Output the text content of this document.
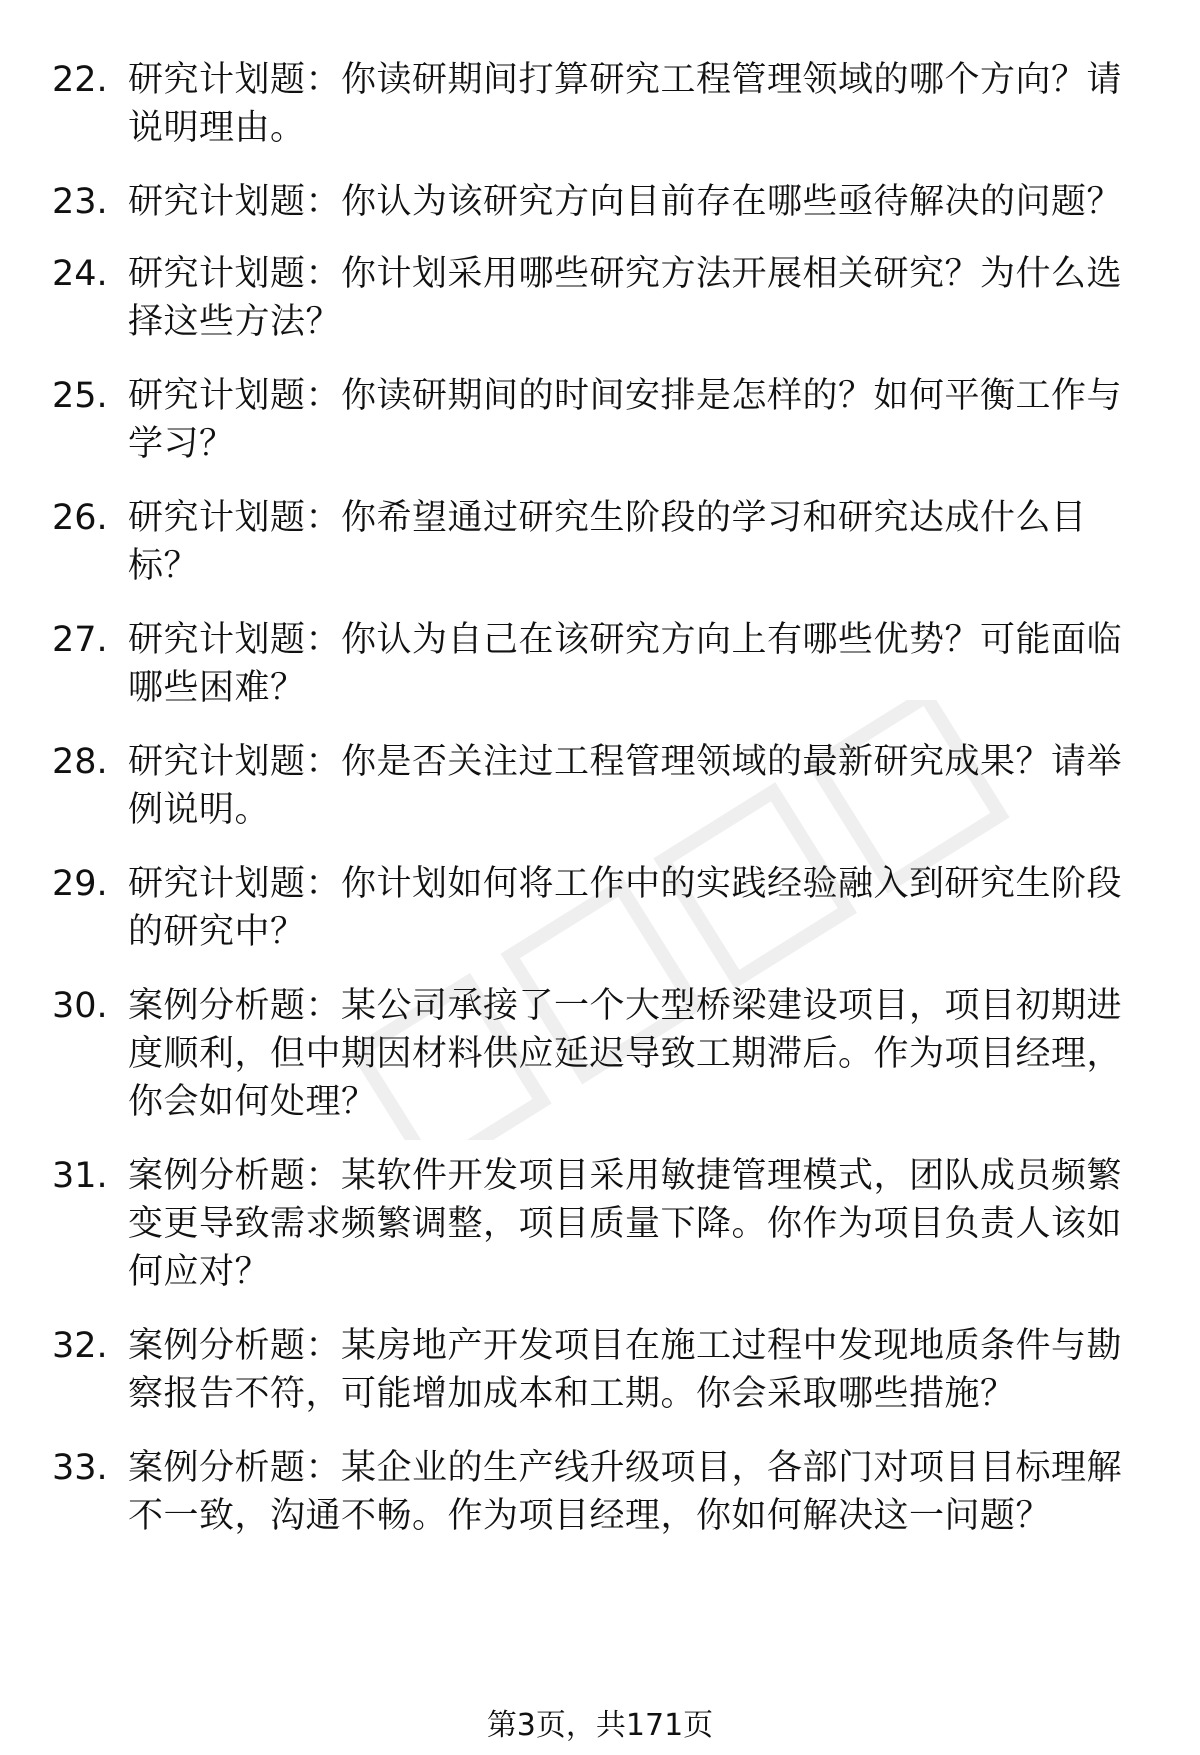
22. 研究计划题：你读研期间打算研究工程管理领域的哪个方向？请说明理由。
23. 研究计划题：你认为该研究方向目前存在哪些亟待解决的问题？
24. 研究计划题：你计划采用哪些研究方法开展相关研究？为什么选择这些方法？
25. 研究计划题：你读研期间的时间安排是怎样的？如何平衡工作与学习？
26. 研究计划题：你希望通过研究生阶段的学习和研究达成什么目标？
27. 研究计划题：你认为自己在该研究方向上有哪些优势？可能面临哪些困难？
28. 研究计划题：你是否关注过工程管理领域的最新研究成果？请举例说明。
29. 研究计划题：你计划如何将工作中的实践经验融入到研究生阶段的研究中？
30. 案例分析题：某公司承接了一个大型桥梁建设项目，项目初期进度顺利，但中期因材料供应延迟导致工期滞后。作为项目经理，你会如何处理？
31. 案例分析题：某软件开发项目采用敏捷管理模式，团队成员频繁变更导致需求频繁调整，项目质量下降。你作为项目负责人该如何应对？
32. 案例分析题：某房地产开发项目在施工过程中发现地质条件与勘察报告不符，可能增加成本和工期。你会采取哪些措施？
33. 案例分析题：某企业的生产线升级项目，各部门对项目目标理解不一致，沟通不畅。作为项目经理，你如何解决这一问题？
第3页，共171页
